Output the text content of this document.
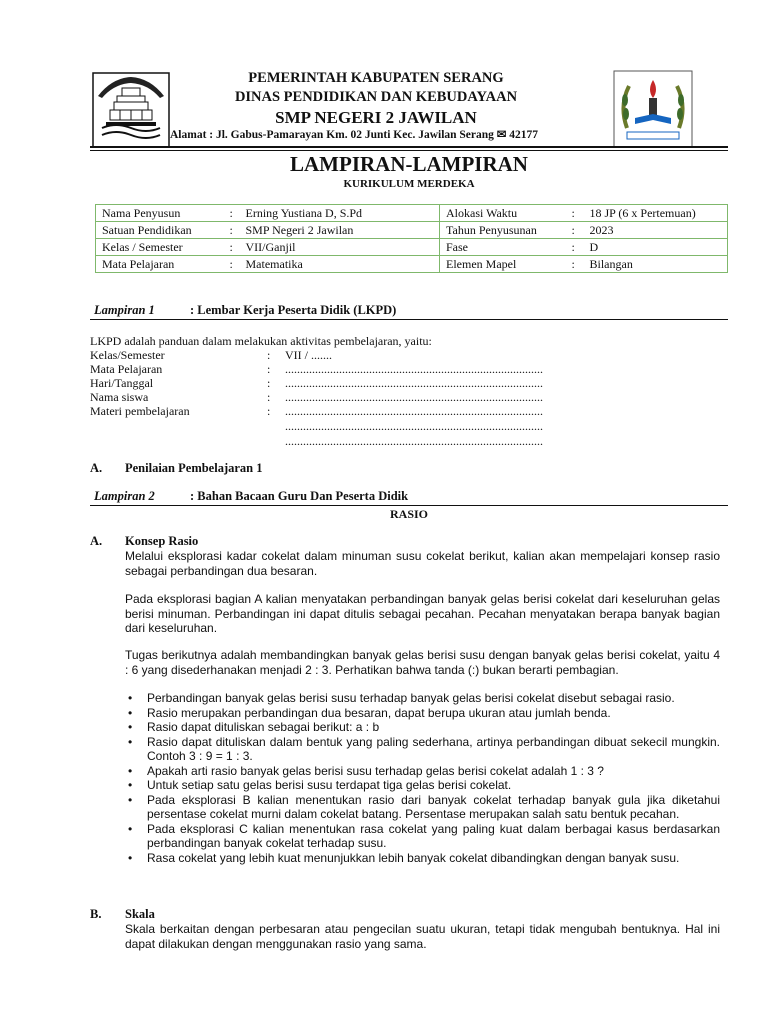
PEMERINTAH KABUPATEN SERANG
DINAS PENDIDIKAN DAN KEBUDAYAAN
SMP NEGERI 2 JAWILAN
Alamat : Jl. Gabus-Pamarayan Km. 02 Junti Kec. Jawilan Serang ✉ 42177
LAMPIRAN-LAMPIRAN
KURIKULUM MERDEKA
Nama Penyusun	:	Erning Yustiana D, S.Pd	Alokasi Waktu	:	18 JP (6 x Pertemuan)
Satuan Pendidikan	:	SMP Negeri 2 Jawilan	Tahun Penyusunan	:	2023
Kelas / Semester	:	VII/Ganjil	Fase	:	D
Mata Pelajaran	:	Matematika	Elemen Mapel	:	Bilangan
Lampiran 1	: Lembar Kerja Peserta Didik (LKPD)
LKPD adalah panduan dalam melakukan aktivitas pembelajaran, yaitu:
Kelas/Semester	:	VII / .......
Mata Pelajaran	:	......................................................................................
Hari/Tanggal	:	......................................................................................
Nama siswa	:	......................................................................................
Materi pembelajaran	:	......................................................................................
......................................................................................
......................................................................................
A. Penilaian Pembelajaran 1
Lampiran 2	: Bahan Bacaan Guru Dan Peserta Didik
RASIO
A. Konsep Rasio
Melalui eksplorasi kadar cokelat dalam minuman susu cokelat berikut, kalian akan mempelajari konsep rasio sebagai perbandingan dua besaran.
Pada eksplorasi bagian A kalian menyatakan perbandingan banyak gelas berisi cokelat dari keseluruhan gelas berisi minuman. Perbandingan ini dapat ditulis sebagai pecahan. Pecahan menyatakan berapa banyak bagian dari keseluruhan.
Tugas berikutnya adalah membandingkan banyak gelas berisi susu dengan banyak gelas berisi cokelat, yaitu 4 : 6 yang disederhanakan menjadi 2 : 3. Perhatikan bahwa tanda (:) bukan berarti pembagian.
• Perbandingan banyak gelas berisi susu terhadap banyak gelas berisi cokelat disebut sebagai rasio.
• Rasio merupakan perbandingan dua besaran, dapat berupa ukuran atau jumlah benda.
• Rasio dapat dituliskan sebagai berikut: a : b
• Rasio dapat dituliskan dalam bentuk yang paling sederhana, artinya perbandingan dibuat sekecil mungkin. Contoh 3 : 9 = 1 : 3.
• Apakah arti rasio banyak gelas berisi susu terhadap gelas berisi cokelat adalah 1 : 3 ?
• Untuk setiap satu gelas berisi susu terdapat tiga gelas berisi cokelat.
• Pada eksplorasi B kalian menentukan rasio dari banyak cokelat terhadap banyak gula jika diketahui persentase cokelat murni dalam cokelat batang. Persentase merupakan salah satu bentuk pecahan.
• Pada eksplorasi C kalian menentukan rasa cokelat yang paling kuat dalam berbagai kasus berdasarkan perbandingan banyak cokelat terhadap susu.
• Rasa cokelat yang lebih kuat menunjukkan lebih banyak cokelat dibandingkan dengan banyak susu.
B. Skala
Skala berkaitan dengan perbesaran atau pengecilan suatu ukuran, tetapi tidak mengubah bentuknya. Hal ini dapat dilakukan dengan menggunakan rasio yang sama.
